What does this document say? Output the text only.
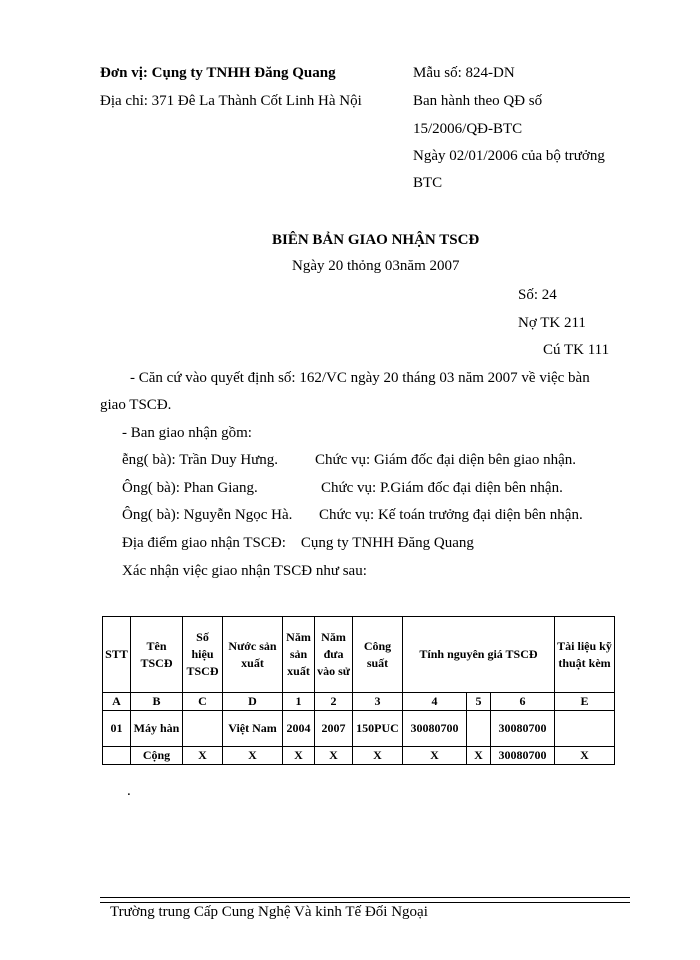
Đơn vị: Cụng ty TNHH Đăng Quang
Địa chỉ: 371 Đê La Thành Cốt Linh Hà Nội
Mẫu số: 824-DN
Ban hành theo QĐ số
15/2006/QĐ-BTC
Ngày 02/01/2006 của bộ trưởng
BTC
BIÊN BẢN GIAO NHẬN TSCĐ
Ngày 20 thỏng 03năm 2007
Số: 24
Nợ TK 211
Cú TK 111
- Căn cứ vào quyết định số: 162/VC ngày 20 tháng 03 năm 2007 về việc bàn
giao TSCĐ.
- Ban giao nhận gồm:
ễng( bà): Trần Duy Hưng. Chức vụ: Giám đốc đại diện bên giao nhận.
Ông( bà): Phan Giang.	Chức vụ: P.Giám đốc đại diện bên nhận.
Ông( bà): Nguyễn Ngọc Hà. Chức vụ: Kế toán trưởng đại diện bên nhận.
Địa điểm giao nhận TSCĐ:    Cụng ty TNHH Đăng Quang
Xác nhận việc giao nhận TSCĐ như sau:
STT	Tên TSCĐ	Số hiệu TSCĐ	Nước sản xuất	Năm sản xuất	Năm đưa vào sử	Công suất	Tính nguyên giá TSCĐ			Tài liệu kỹ thuật kèm
A	B	C	D	1	2	3	4	5	6	E
01	Máy hàn		Việt Nam	2004	2007	150PUC	30080700		30080700	
	Cộng	X	X	X	X	X	X	X	30080700	X
.
Trường trung Cấp Cung Nghệ Và kinh Tế Đối Ngoại
